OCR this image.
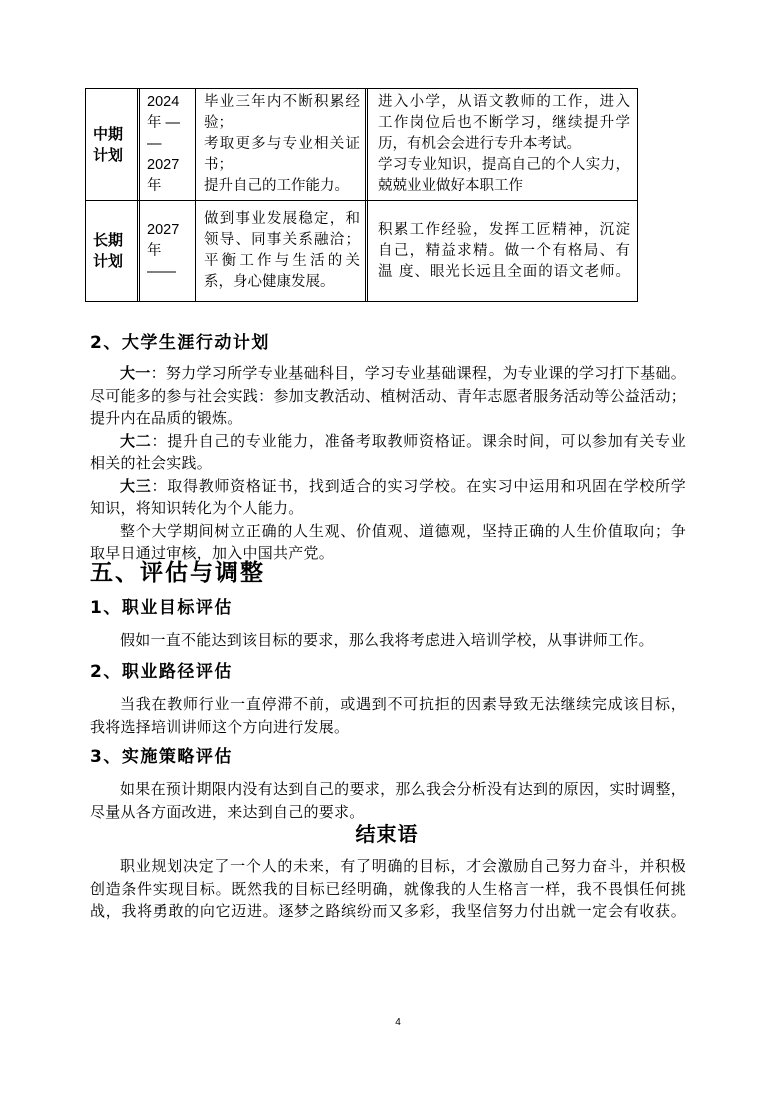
中期
计划
2024
年 —
—
2027
年
毕业三年内不断积累经
验；
考取更多与专业相关证
书；
提升自己的工作能力。
进入小学，从语文教师的工作，进入
工作岗位后也不断学习，继续提升学
历，有机会会进行专升本考试。
学习专业知识，提高自己的个人实力，
兢兢业业做好本职工作
长期
计划
2027
年
——
做到事业发展稳定，和
领导、同事关系融洽；
平衡工作与生活的关
系，身心健康发展。
积累工作经验，发挥工匠精神，沉淀
自己，精益求精。做一个有格局、有
温 度、眼光长远且全面的语文老师。
2、大学生涯行动计划
大一：努力学习所学专业基础科目，学习专业基础课程，为专业课的学习打下基础。
尽可能多的参与社会实践：参加支教活动、植树活动、青年志愿者服务活动等公益活动；
提升内在品质的锻炼。
大二：提升自己的专业能力，准备考取教师资格证。课余时间，可以参加有关专业
相关的社会实践。
大三：取得教师资格证书，找到适合的实习学校。在实习中运用和巩固在学校所学
知识，将知识转化为个人能力。
整个大学期间树立正确的人生观、价值观、道德观，坚持正确的人生价值取向；争
取早日通过审核，加入中国共产党。
五、评估与调整
1、职业目标评估
假如一直不能达到该目标的要求，那么我将考虑进入培训学校，从事讲师工作。
2、职业路径评估
当我在教师行业一直停滞不前，或遇到不可抗拒的因素导致无法继续完成该目标，
我将选择培训讲师这个方向进行发展。
3、实施策略评估
如果在预计期限内没有达到自己的要求，那么我会分析没有达到的原因，实时调整，
尽量从各方面改进，来达到自己的要求。
结束语
职业规划决定了一个人的未来，有了明确的目标，才会激励自己努力奋斗，并积极
创造条件实现目标。既然我的目标已经明确，就像我的人生格言一样，我不畏惧任何挑
战，我将勇敢的向它迈进。逐梦之路缤纷而又多彩，我坚信努力付出就一定会有收获。
4
